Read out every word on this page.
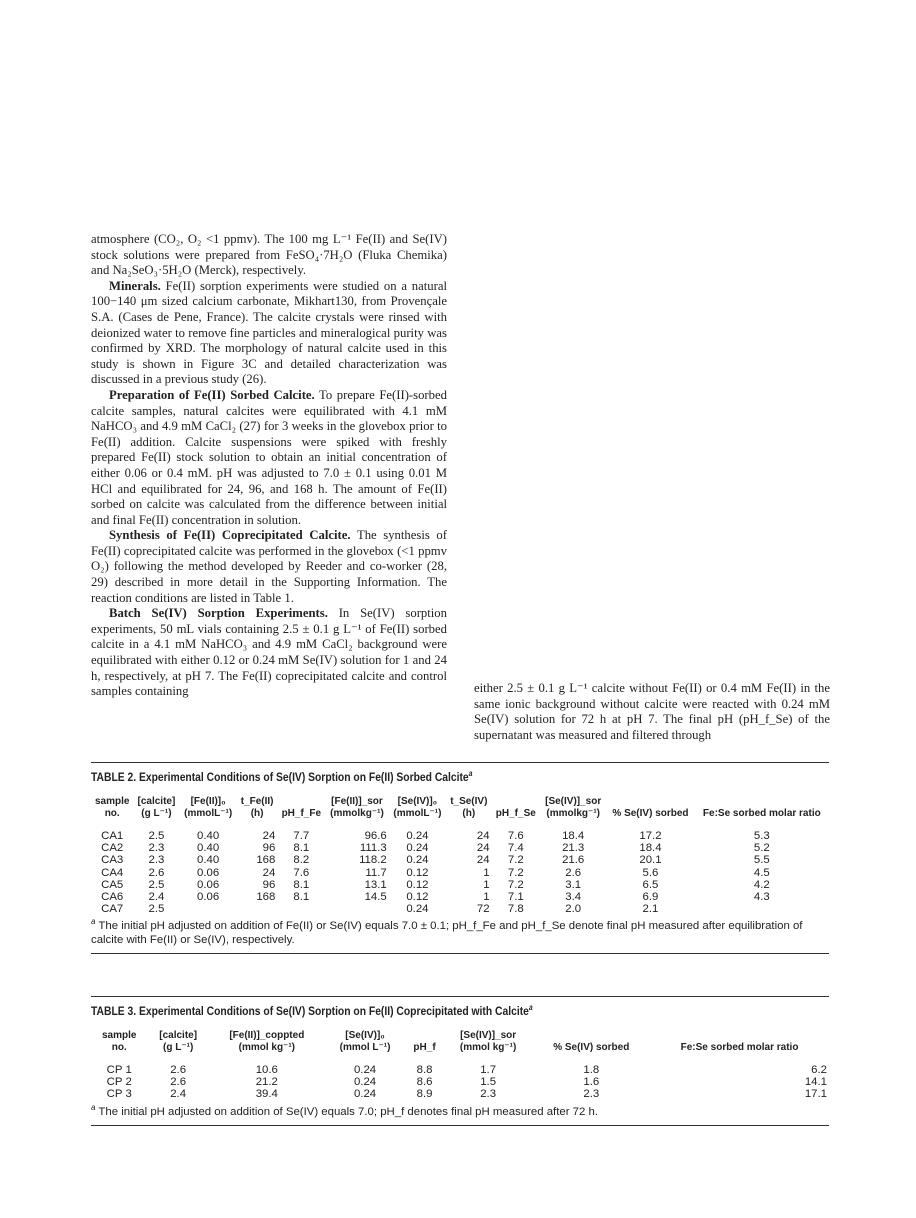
atmosphere (CO₂, O₂ <1 ppmv). The 100 mg L⁻¹ Fe(II) and Se(IV) stock solutions were prepared from FeSO₄·7H₂O (Fluka Chemika) and Na₂SeO₃·5H₂O (Merck), respectively.

Minerals. Fe(II) sorption experiments were studied on a natural 100−140 μm sized calcium carbonate, Mikhart130, from Provençale S.A. (Cases de Pene, France). The calcite crystals were rinsed with deionized water to remove fine particles and mineralogical purity was confirmed by XRD. The morphology of natural calcite used in this study is shown in Figure 3C and detailed characterization was discussed in a previous study (26).

Preparation of Fe(II) Sorbed Calcite. To prepare Fe(II)-sorbed calcite samples, natural calcites were equilibrated with 4.1 mM NaHCO₃ and 4.9 mM CaCl₂ (27) for 3 weeks in the glovebox prior to Fe(II) addition. Calcite suspensions were spiked with freshly prepared Fe(II) stock solution to obtain an initial concentration of either 0.06 or 0.4 mM. pH was adjusted to 7.0 ± 0.1 using 0.01 M HCl and equilibrated for 24, 96, and 168 h. The amount of Fe(II) sorbed on calcite was calculated from the difference between initial and final Fe(II) concentration in solution.

Synthesis of Fe(II) Coprecipitated Calcite. The synthesis of Fe(II) coprecipitated calcite was performed in the glovebox (<1 ppmv O₂) following the method developed by Reeder and co-worker (28, 29) described in more detail in the Supporting Information. The reaction conditions are listed in Table 1.

Batch Se(IV) Sorption Experiments. In Se(IV) sorption experiments, 50 mL vials containing 2.5 ± 0.1 g L⁻¹ of Fe(II) sorbed calcite in a 4.1 mM NaHCO₃ and 4.9 mM CaCl₂ background were equilibrated with either 0.12 or 0.24 mM Se(IV) solution for 1 and 24 h, respectively, at pH 7. The Fe(II) coprecipitated calcite and control samples containing	either 2.5 ± 0.1 g L⁻¹ calcite without Fe(II) or 0.4 mM Fe(II) in the same ionic background without calcite were reacted with 0.24 mM Se(IV) solution for 72 h at pH 7. The final pH (pH_f_Se) of the supernatant was measured and filtered through

TABLE 2. Experimental Conditions of Se(IV) Sorption on Fe(II) Sorbed Calcite$^a$
sample	[calcite]	[Fe(II)]₀	t_Fe(II)		[Fe(II)]_sor	[Se(IV)]₀	t_Se(IV)		[Se(IV)]_sor		
no.	(g L⁻¹)	(mmolL⁻¹)	(h)	pH_f_Fe	(mmolkg⁻¹)	(mmolL⁻¹)	(h)	pH_f_Se	(mmolkg⁻¹)	% Se(IV) sorbed	Fe:Se sorbed molar ratio
CA1	2.5	0.40	24	7.7	96.6	0.24	24	7.6	18.4	17.2	5.3
CA2	2.3	0.40	96	8.1	111.3	0.24	24	7.4	21.3	18.4	5.2
CA3	2.3	0.40	168	8.2	118.2	0.24	24	7.2	21.6	20.1	5.5
CA4	2.6	0.06	24	7.6	11.7	0.12	1	7.2	2.6	5.6	4.5
CA5	2.5	0.06	96	8.1	13.1	0.12	1	7.2	3.1	6.5	4.2
CA6	2.4	0.06	168	8.1	14.5	0.12	1	7.1	3.4	6.9	4.3
CA7	2.5					0.24	72	7.8	2.0	2.1	
$^a$ The initial pH adjusted on addition of Fe(II) or Se(IV) equals 7.0 ± 0.1; pH_f_Fe and pH_f_Se denote final pH measured after equilibration of calcite with Fe(II) or Se(IV), respectively.
TABLE 3. Experimental Conditions of Se(IV) Sorption on Fe(II) Coprecipitated with Calcite$^a$
sample	[calcite]	[Fe(II)]_coppted	[Se(IV)]₀		[Se(IV)]_sor		
no.	(g L⁻¹)	(mmol kg⁻¹)	(mmol L⁻¹)	pH_f	(mmol kg⁻¹)	% Se(IV) sorbed	Fe:Se sorbed molar ratio
CP 1	2.6	10.6	0.24	8.8	1.7	1.8	6.2
CP 2	2.6	21.2	0.24	8.6	1.5	1.6	14.1
CP 3	2.4	39.4	0.24	8.9	2.3	2.3	17.1
$^a$ The initial pH adjusted on addition of Se(IV) equals 7.0; pH_f denotes final pH measured after 72 h.
